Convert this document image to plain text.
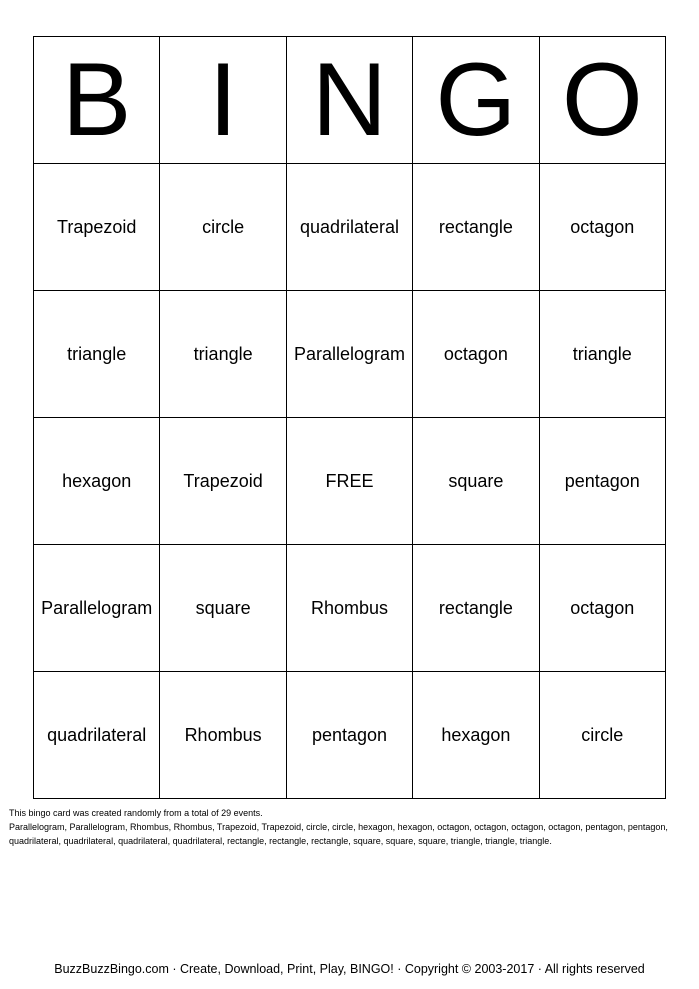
B	I	N	G	O
Trapezoid	circle	quadrilateral	rectangle	octagon
triangle	triangle	Parallelogram	octagon	triangle
hexagon	Trapezoid	FREE	square	pentagon
Parallelogram	square	Rhombus	rectangle	octagon
quadrilateral	Rhombus	pentagon	hexagon	circle

This bingo card was created randomly from a total of 29 events.

Parallelogram, Parallelogram, Rhombus, Rhombus, Trapezoid, Trapezoid, circle, circle, hexagon, hexagon, octagon, octagon, octagon, octagon, pentagon, pentagon, quadrilateral, quadrilateral, quadrilateral, quadrilateral, rectangle, rectangle, rectangle, square, square, square, triangle, triangle, triangle.

BuzzBuzzBingo.com · Create, Download, Print, Play, BINGO! · Copyright © 2003-2017 · All rights reserved
